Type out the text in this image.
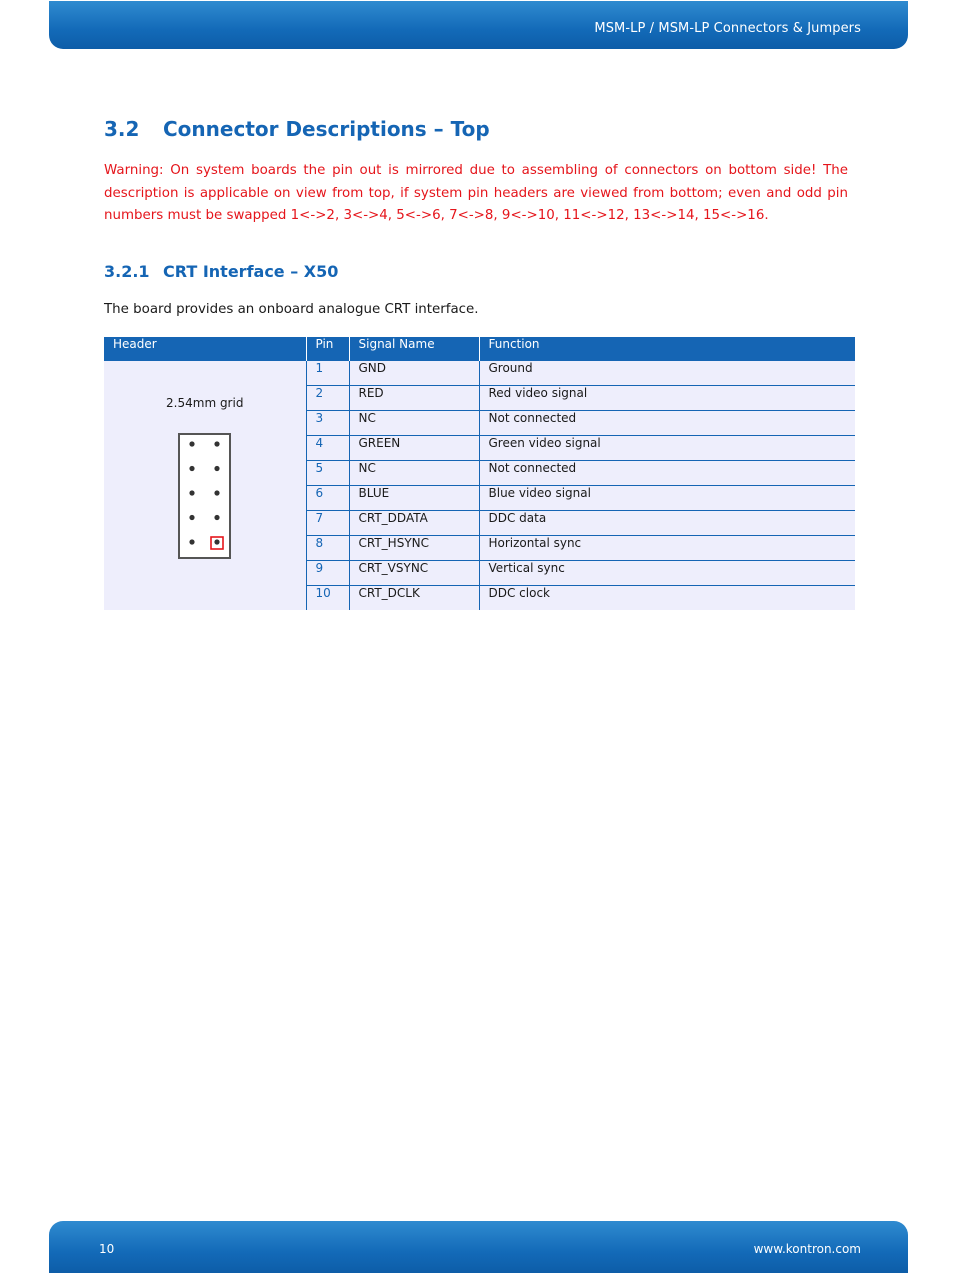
MSM-LP / MSM-LP Connectors & Jumpers
3.2 Connector Descriptions – Top
Warning: On system boards the pin out is mirrored due to assembling of connectors on bottom side! The description is applicable on view from top, if system pin headers are viewed from bottom; even and odd pin numbers must be swapped 1<->2, 3<->4, 5<->6, 7<->8, 9<->10, 11<->12, 13<->14, 15<->16.
3.2.1 CRT Interface – X50
The board provides an onboard analogue CRT interface.
Header	Pin	Signal Name	Function

2.54mm grid	1	GND	Ground
	2	RED	Red video signal
	3	NC	Not connected
	4	GREEN	Green video signal
	5	NC	Not connected
	6	BLUE	Blue video signal
	7	CRT_DDATA	DDC data
	8	CRT_HSYNC	Horizontal sync
	9	CRT_VSYNC	Vertical sync
	10	CRT_DCLK	DDC clock
10	www.kontron.com
